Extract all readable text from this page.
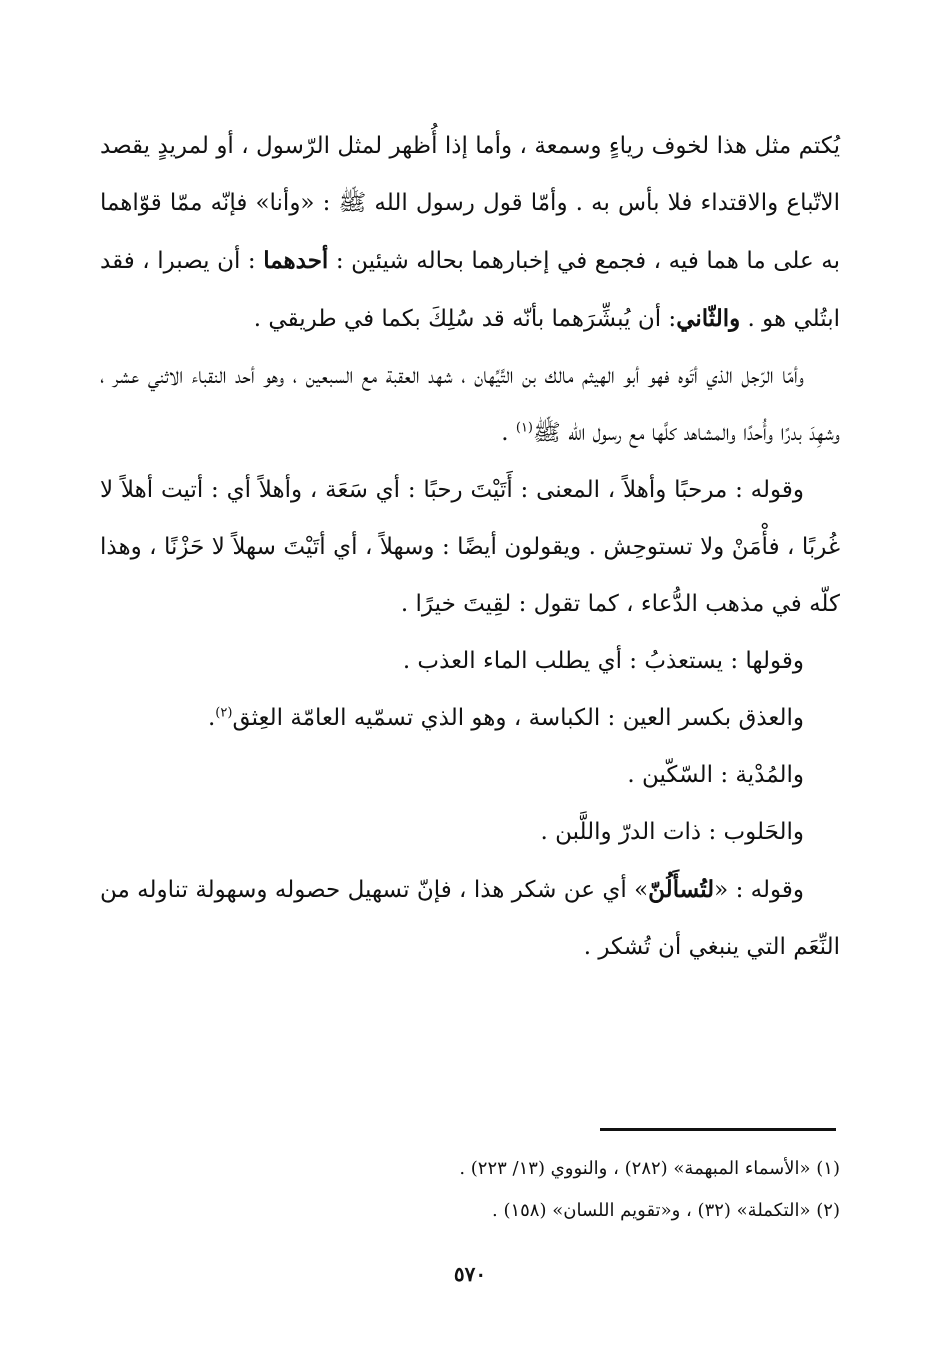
يُكتم مثل هذا لخوف رياءٍ وسمعة ، وأما إذا أُظهر لمثل الرّسول ، أو لمريدٍ يقصد الاتّباع والاقتداء فلا بأس به . وأمّا قول رسول الله ﷺ : «وأنا» فإنّه ممّا قوّاهما به على ما هما فيه ، فجمع في إخبارهما بحاله شيئين : أحدهما : أن يصبرا ، فقد ابتُلي هو . والثّاني: أن يُبشِّرَهما بأنّه قد سُلِكَ بكما في طريقي .

وأمّا الرّجل الذي أتَوه فهو أبو الهيثم مالك بن التَّيِّهان ، شهد العقبة مع السبعين ، وهو أحد النقباء الاثني عشر ، وشهِدَ بدرًا وأُحدًا والمشاهد كلَّها مع رسول الله ﷺ$^{(١)}$ .

وقوله : مرحبًا وأهلاً ، المعنى : أَتَيْتَ رحبًا : أي سَعَة ، وأهلاً أي : أتيت أهلاً لا غُربًا ، فأْمَنْ ولا تستوحِش . ويقولون أيضًا : وسهلاً ، أي أتَيْتَ سهلاً لا حَزْنًا ، وهذا كلّه في مذهب الدُّعاء ، كما تقول : لقِيتَ خيرًا .

وقولها : يستعذبُ : أي يطلب الماء العذب .

والعذق بكسر العين : الكباسة ، وهو الذي تسمّيه العامّة العِثق$^{(٢)}$.

والمُدْية : السّكّين .

والحَلوب : ذات الدرّ واللَّبن .

وقوله : «لتُسأَلُنّ» أي عن شكر هذا ، فإنّ تسهيل حصوله وسهولة تناوله من النِّعَم التي ينبغي أن تُشكر .

(١) «الأسماء المبهمة» (٢٨٢) ، والنووي (١٣/ ٢٢٣) .

(٢) «التكملة» (٣٢) ، و«تقويم اللسان» (١٥٨) .

٥٧٠
